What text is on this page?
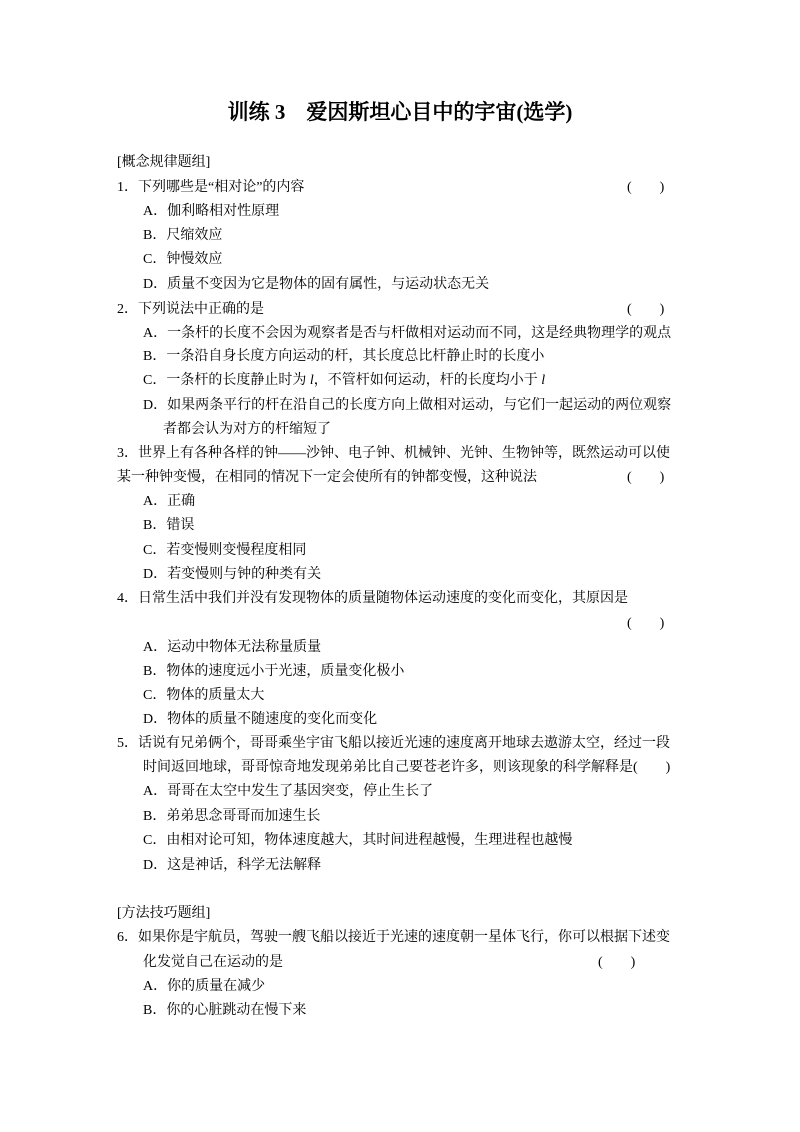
训练 3　爱因斯坦心目中的宇宙(选学)
[概念规律题组]
1．下列哪些是“相对论”的内容	(　　)
A．伽利略相对性原理
B．尺缩效应
C．钟慢效应
D．质量不变因为它是物体的固有属性，与运动状态无关
2．下列说法中正确的是	(　　)
A．一条杆的长度不会因为观察者是否与杆做相对运动而不同，这是经典物理学的观点
B．一条沿自身长度方向运动的杆，其长度总比杆静止时的长度小
C．一条杆的长度静止时为 l，不管杆如何运动，杆的长度均小于 l
D．如果两条平行的杆在沿自己的长度方向上做相对运动，与它们一起运动的两位观察
者都会认为对方的杆缩短了
3．世界上有各种各样的钟——沙钟、电子钟、机械钟、光钟、生物钟等，既然运动可以使
某一种钟变慢，在相同的情况下一定会使所有的钟都变慢，这种说法	(　　)
A．正确
B．错误
C．若变慢则变慢程度相同
D．若变慢则与钟的种类有关
4．日常生活中我们并没有发现物体的质量随物体运动速度的变化而变化，其原因是
(　　)
A．运动中物体无法称量质量
B．物体的速度远小于光速，质量变化极小
C．物体的质量太大
D．物体的质量不随速度的变化而变化
5．话说有兄弟俩个，哥哥乘坐宇宙飞船以接近光速的速度离开地球去遨游太空，经过一段
时间返回地球，哥哥惊奇地发现弟弟比自己要苍老许多，则该现象的科学解释是(　　)
A．哥哥在太空中发生了基因突变，停止生长了
B．弟弟思念哥哥而加速生长
C．由相对论可知，物体速度越大，其时间进程越慢，生理进程也越慢
D．这是神话，科学无法解释
[方法技巧题组]
6．如果你是宇航员，驾驶一艘飞船以接近于光速的速度朝一星体飞行，你可以根据下述变
化发觉自己在运动的是	(　　)
A．你的质量在减少
B．你的心脏跳动在慢下来
